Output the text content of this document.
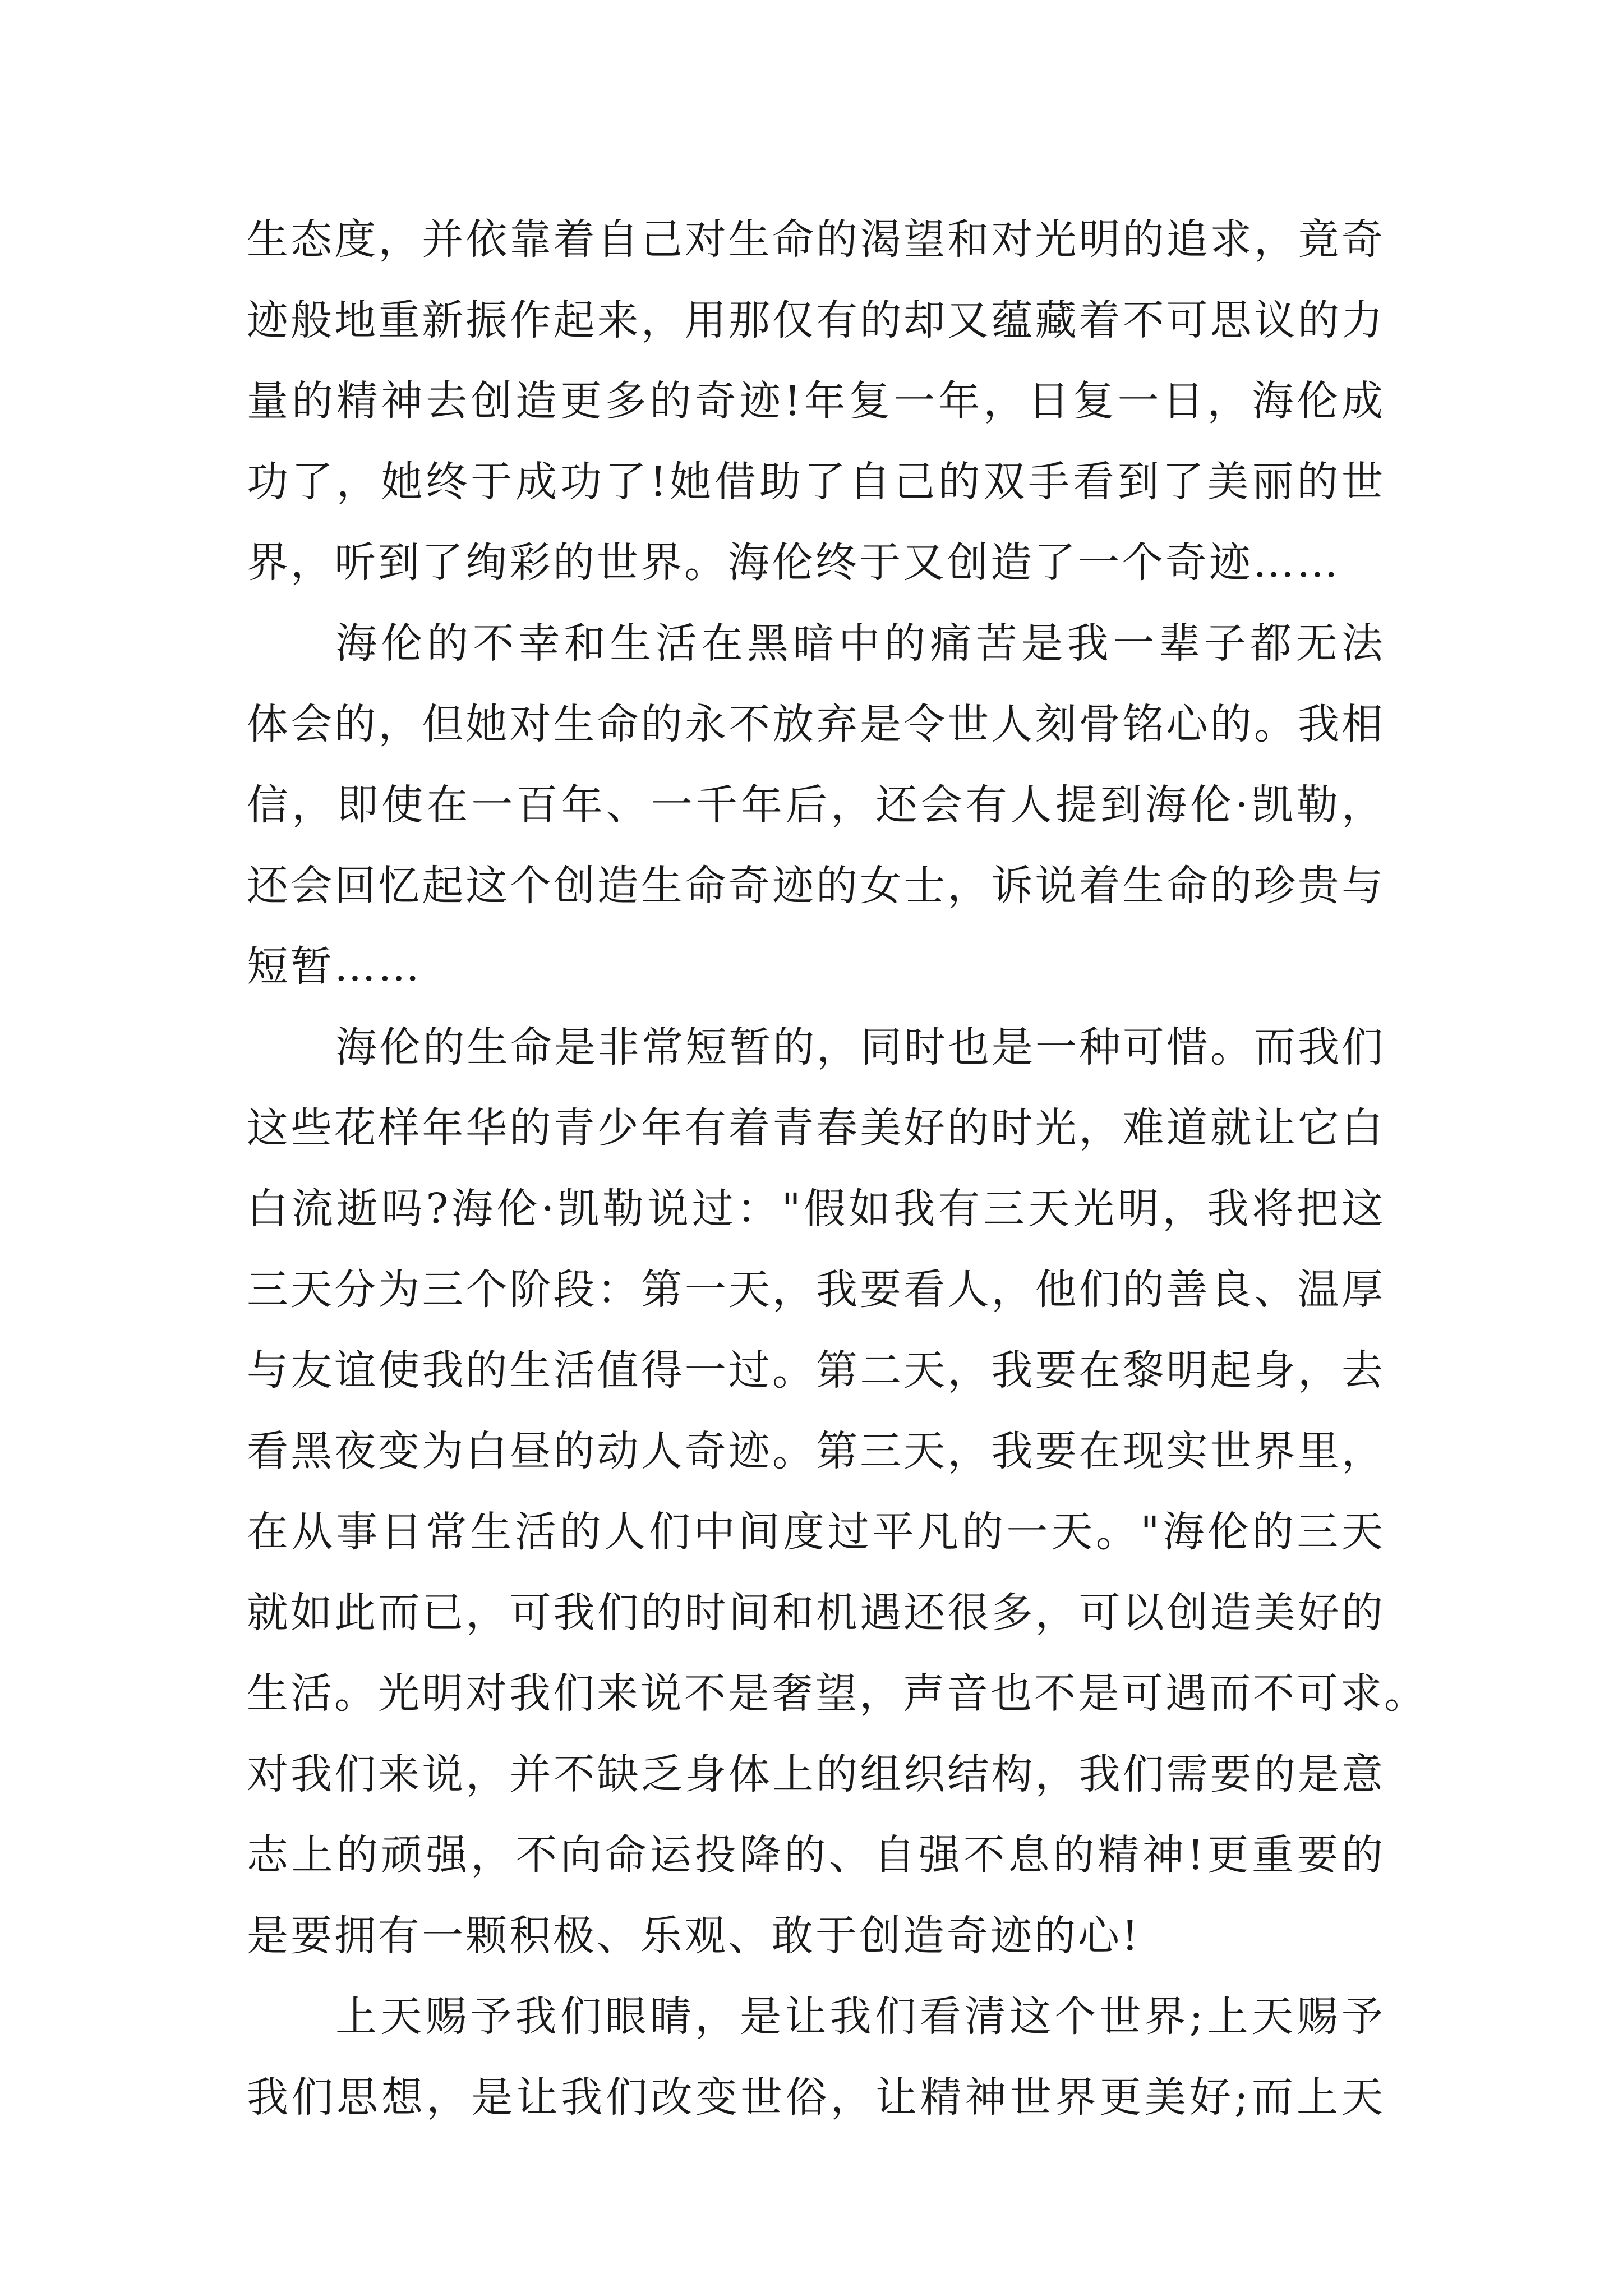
生态度，并依靠着自己对生命的渴望和对光明的追求，竟奇
迹般地重新振作起来，用那仅有的却又蕴藏着不可思议的力
量的精神去创造更多的奇迹!年复一年，日复一日，海伦成
功了，她终于成功了!她借助了自己的双手看到了美丽的世
界，听到了绚彩的世界。海伦终于又创造了一个奇迹……
海伦的不幸和生活在黑暗中的痛苦是我一辈子都无法
体会的，但她对生命的永不放弃是令世人刻骨铭心的。我相
信，即使在一百年、一千年后，还会有人提到海伦·凯勒，
还会回忆起这个创造生命奇迹的女士，诉说着生命的珍贵与
短暂……
海伦的生命是非常短暂的，同时也是一种可惜。而我们
这些花样年华的青少年有着青春美好的时光，难道就让它白
白流逝吗?海伦·凯勒说过："假如我有三天光明，我将把这
三天分为三个阶段：第一天，我要看人，他们的善良、温厚
与友谊使我的生活值得一过。第二天，我要在黎明起身，去
看黑夜变为白昼的动人奇迹。第三天，我要在现实世界里，
在从事日常生活的人们中间度过平凡的一天。"海伦的三天
就如此而已，可我们的时间和机遇还很多，可以创造美好的
生活。光明对我们来说不是奢望，声音也不是可遇而不可求。
对我们来说，并不缺乏身体上的组织结构，我们需要的是意
志上的顽强，不向命运投降的、自强不息的精神!更重要的
是要拥有一颗积极、乐观、敢于创造奇迹的心!
上天赐予我们眼睛，是让我们看清这个世界;上天赐予
我们思想，是让我们改变世俗，让精神世界更美好;而上天
